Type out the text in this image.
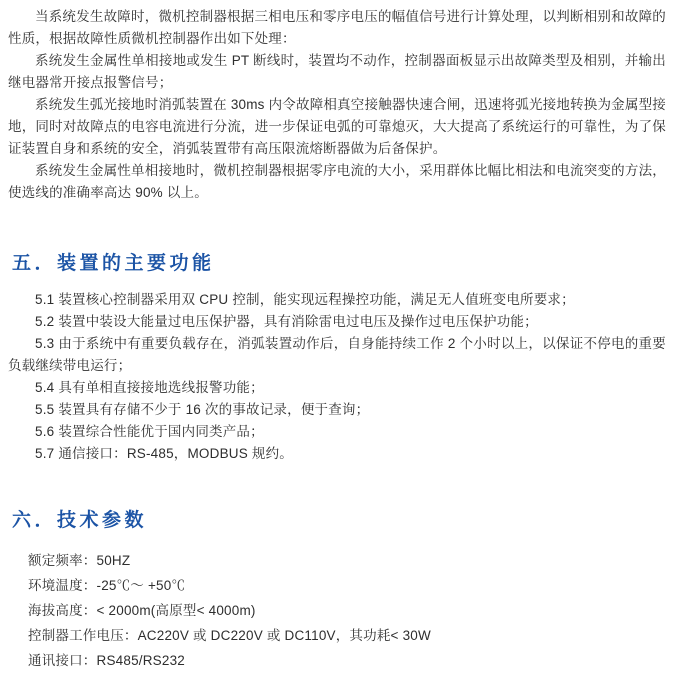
当系统发生故障时，微机控制器根据三相电压和零序电压的幅值信号进行计算处理，以判断相别和故障的性质，根据故障性质微机控制器作出如下处理：

系统发生金属性单相接地或发生 PT 断线时，装置均不动作，控制器面板显示出故障类型及相别，并输出继电器常开接点报警信号；

系统发生弧光接地时消弧装置在 30ms 内令故障相真空接触器快速合闸，迅速将弧光接地转换为金属型接地，同时对故障点的电容电流进行分流，进一步保证电弧的可靠熄灭，大大提高了系统运行的可靠性，为了保证装置自身和系统的安全，消弧装置带有高压限流熔断器做为后备保护。

系统发生金属性单相接地时，微机控制器根据零序电流的大小，采用群体比幅比相法和电流突变的方法，使选线的准确率高达 90% 以上。

五．装置的主要功能

5.1 装置核心控制器采用双 CPU 控制，能实现远程操控功能，满足无人值班变电所要求；

5.2 装置中装设大能量过电压保护器，具有消除雷电过电压及操作过电压保护功能；

5.3 由于系统中有重要负载存在，消弧装置动作后，自身能持续工作 2 个小时以上，以保证不停电的重要负载继续带电运行；

5.4 具有单相直接接地选线报警功能；

5.5 装置具有存储不少于 16 次的事故记录，便于查询；

5.6 装置综合性能优于国内同类产品；

5.7 通信接口：RS-485，MODBUS 规约。

六．技术参数

额定频率：50HZ

环境温度：-25℃～ +50℃

海拔高度：< 2000m(高原型< 4000m)

控制器工作电压：AC220V 或 DC220V 或 DC110V，其功耗< 30W

通讯接口：RS485/RS232
